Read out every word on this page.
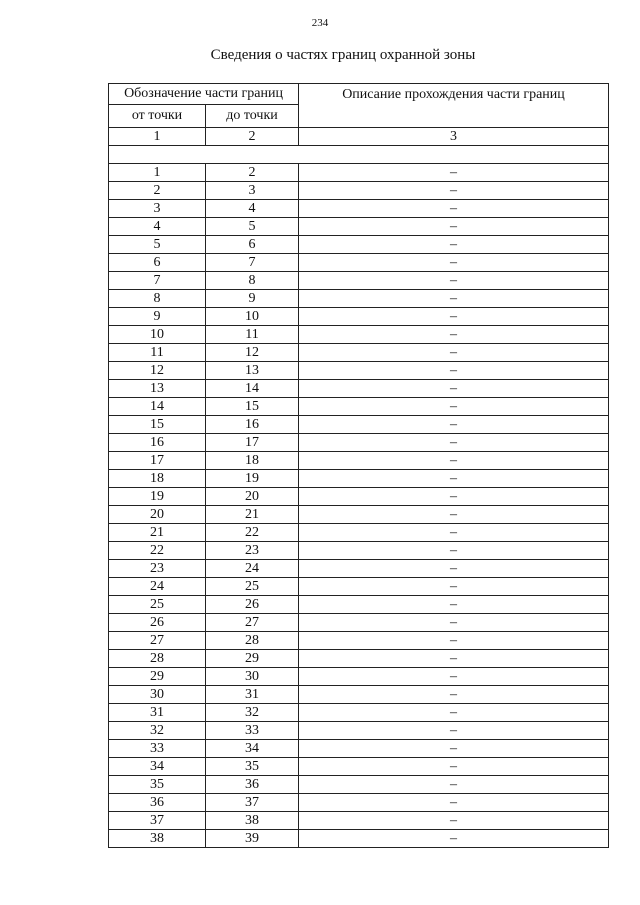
234
Сведения о частях границ охранной зоны
Обозначение части границ		Описание прохождения части границ
от точки	до точки	
1	2	3

1	2	–
2	3	–
3	4	–
4	5	–
5	6	–
6	7	–
7	8	–
8	9	–
9	10	–
10	11	–
11	12	–
12	13	–
13	14	–
14	15	–
15	16	–
16	17	–
17	18	–
18	19	–
19	20	–
20	21	–
21	22	–
22	23	–
23	24	–
24	25	–
25	26	–
26	27	–
27	28	–
28	29	–
29	30	–
30	31	–
31	32	–
32	33	–
33	34	–
34	35	–
35	36	–
36	37	–
37	38	–
38	39	–
